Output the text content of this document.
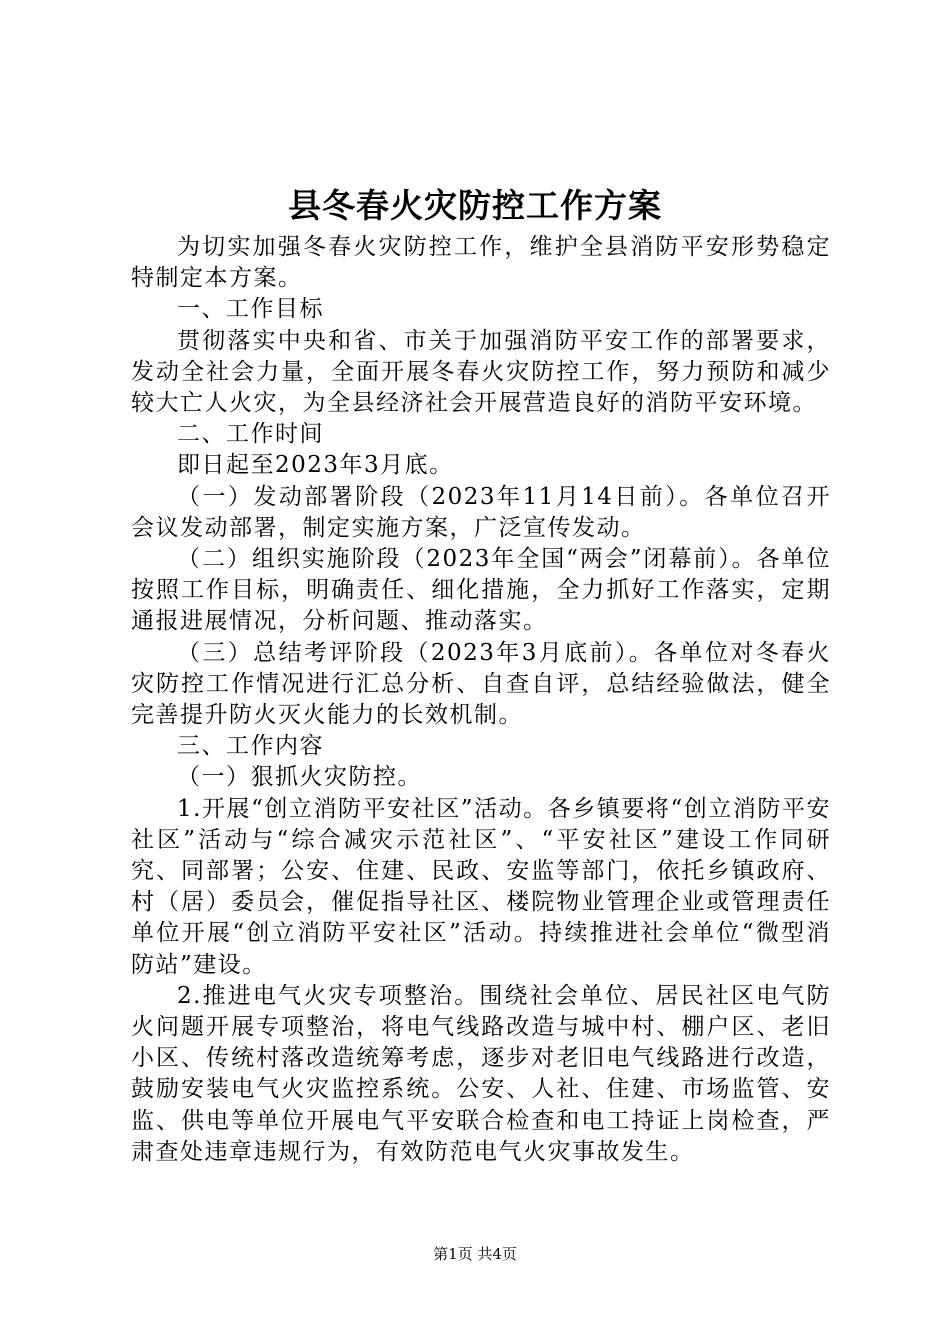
县冬春火灾防控工作方案

为切实加强冬春火灾防控工作，维护全县消防平安形势稳定特制定本方案。

一、工作目标

贯彻落实中央和省、市关于加强消防平安工作的部署要求，发动全社会力量，全面开展冬春火灾防控工作，努力预防和减少较大亡人火灾，为全县经济社会开展营造良好的消防平安环境。

二、工作时间

即日起至2023年3月底。

（一）发动部署阶段（2023年11月14日前）。各单位召开会议发动部署，制定实施方案，广泛宣传发动。

（二）组织实施阶段（2023年全国“两会”闭幕前）。各单位按照工作目标，明确责任、细化措施，全力抓好工作落实，定期通报进展情况，分析问题、推动落实。

（三）总结考评阶段（2023年3月底前）。各单位对冬春火灾防控工作情况进行汇总分析、自查自评，总结经验做法，健全完善提升防火灭火能力的长效机制。

三、工作内容

（一）狠抓火灾防控。

1.开展“创立消防平安社区”活动。各乡镇要将“创立消防平安社区”活动与“综合减灾示范社区”、“平安社区”建设工作同研究、同部署；公安、住建、民政、安监等部门，依托乡镇政府、村（居）委员会，催促指导社区、楼院物业管理企业或管理责任单位开展“创立消防平安社区”活动。持续推进社会单位“微型消防站”建设。

2.推进电气火灾专项整治。围绕社会单位、居民社区电气防火问题开展专项整治，将电气线路改造与城中村、棚户区、老旧小区、传统村落改造统筹考虑，逐步对老旧电气线路进行改造，鼓励安装电气火灾监控系统。公安、人社、住建、市场监管、安监、供电等单位开展电气平安联合检查和电工持证上岗检查，严肃查处违章违规行为，有效防范电气火灾事故发生。

第1页 共4页
